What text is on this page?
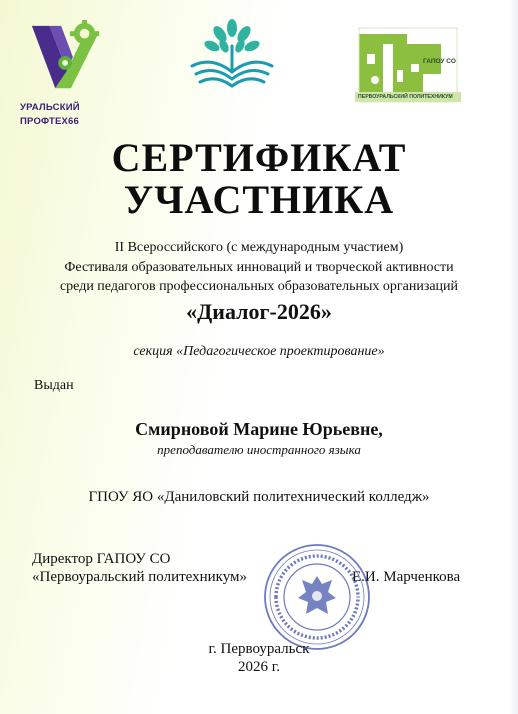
УРАЛЬСКИЙ
ПРОФТЕХ66
ГАПОУ СО
ПЕРВОУРАЛЬСКИЙ ПОЛИТЕХНИКУМ
СЕРТИФИКАТ
УЧАСТНИКА
II Всероссийского (с международным участием)
Фестиваля образовательных инноваций и творческой активности
среди педагогов профессиональных образовательных организаций
«Диалог-2026»
секция «Педагогическое проектирование»
Выдан
Смирновой Марине Юрьевне,
преподавателю иностранного языка
ГПОУ ЯО «Даниловский политехнический колледж»
Директор ГАПОУ СО
«Первоуральский политехникум»	Е.И. Марченкова
г. Первоуральск
2026 г.
